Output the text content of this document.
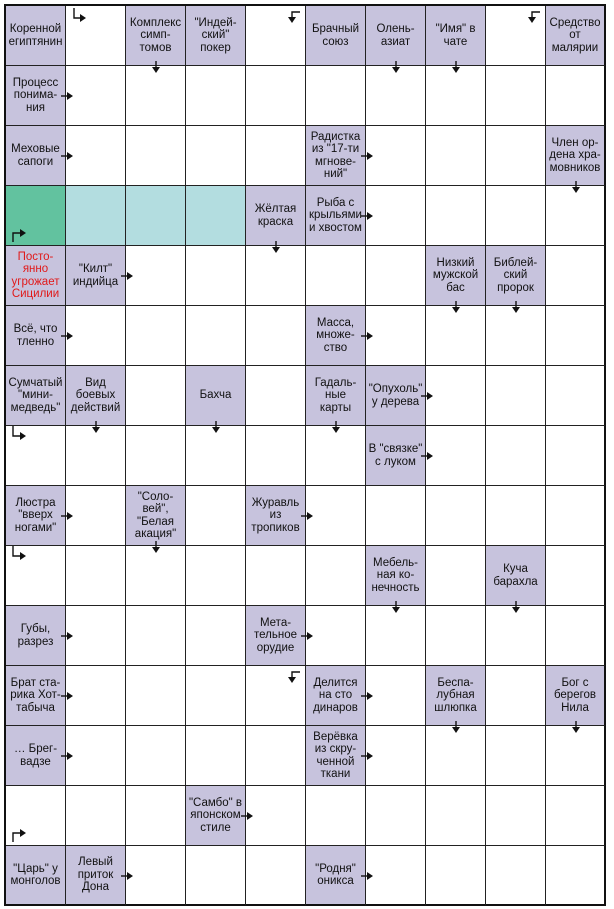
Коренной
египтянин
Комплекс
симп-
томов
"Индей-
ский"
покер
Брачный
союз
Олень-
азиат
"Имя" в
чате
Средство
от
малярии
Процесс
понима-
ния
Меховые
сапоги
Радистка
из "17-ти
мгнове-
ний"
Член ор-
дена хра-
мовников
Жёлтая
краска
Рыба с
крыльями
и хвостом
Посто-
янно
угрожает
Сицилии
"Килт"
индийца
Низкий
мужской
бас
Библей-
ский
пророк
Всё, что
тленно
Масса,
множе-
ство
Сумчатый
"мини-
медведь"
Вид
боевых
действий
Бахча
Гадаль-
ные карты
"Опухоль"
у дерева
В "связке"
с луком
Люстра
"вверх
ногами"
"Соло-
вей",
"Белая
акация"
Журавль
из
тропиков
Мебель-
ная ко-
нечность
Куча
барахла
Губы,
разрез
Мета-
тельное
орудие
Брат ста-
рика Хот-
табыча
Делится
на сто
динаров
Беспа-
лубная
шлюпка
Бог с
берегов
Нила
… Брег-
вадзе
Верёвка
из скру-
ченной
ткани
"Самбо" в
японском
стиле
"Царь" у
монголов
Левый
приток
Дона
"Родня"
оникса
